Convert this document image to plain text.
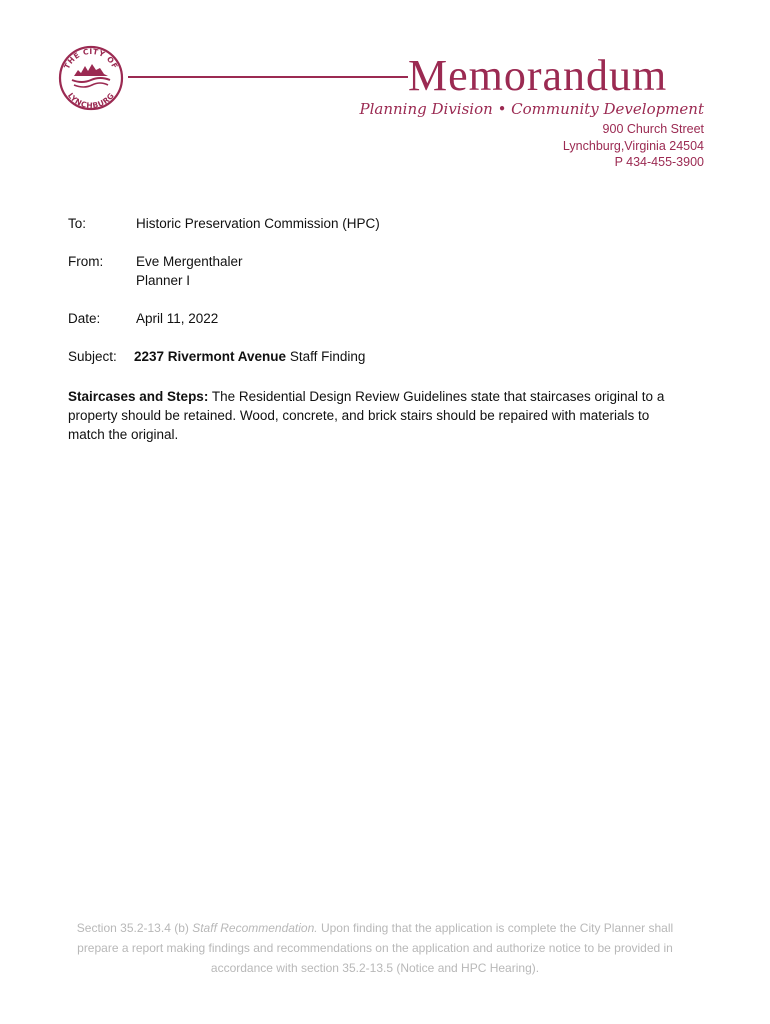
THE CITY OF
LYNCHBURG	Memorandum
Planning Division • Community Development
900 Church Street
Lynchburg,Virginia 24504
P 434-455-3900
To:	Historic Preservation Commission (HPC)
From: Eve Mergenthaler
Planner I
Date:	April 11, 2022
Subject: 2237 Rivermont Avenue Staff Finding
Staircases and Steps: The Residential Design Review Guidelines state that staircases original to a property should be retained. Wood, concrete, and brick stairs should be repaired with materials to match the original.
Section 35.2-13.4 (b) Staff Recommendation. Upon finding that the application is complete the City Planner shall prepare a report making findings and recommendations on the application and authorize notice to be provided in accordance with section 35.2-13.5 (Notice and HPC Hearing).
